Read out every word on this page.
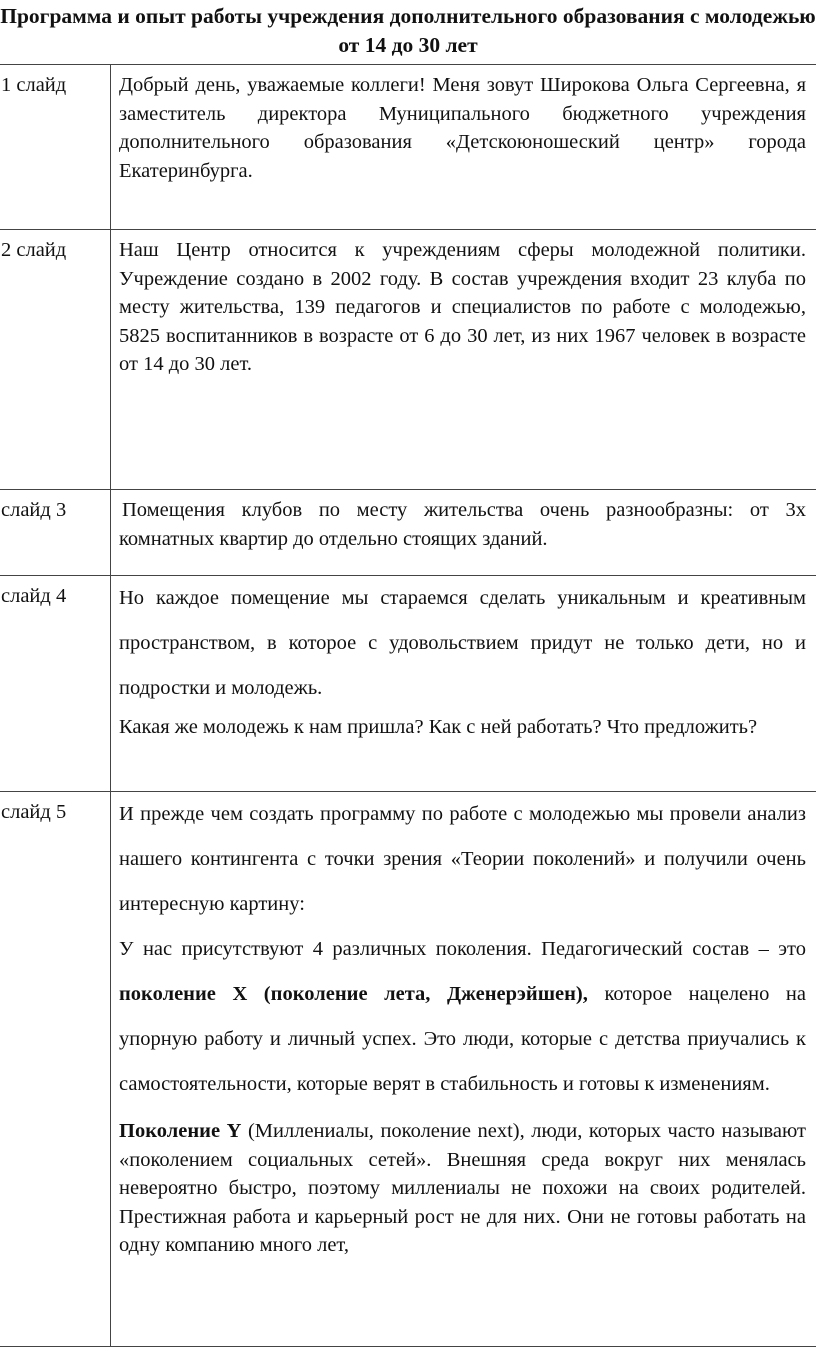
Программа и опыт работы учреждения дополнительного образования с молодежью от 14 до 30 лет
1 слайд	Добрый день, уважаемые коллеги! Меня зовут Широкова Ольга Сергеевна, я заместитель директора Муниципального бюджетного учреждения дополнительного образования «Детскоюношеский центр» города Екатеринбурга.

2 слайд	Наш Центр относится к учреждениям сферы молодежной политики. Учреждение создано в 2002 году. В состав учреждения входит 23 клуба по месту жительства, 139 педагогов и специалистов по работе с молодежью, 5825 воспитанников в возрасте от 6 до 30 лет, из них 1967 человек в возрасте от 14 до 30 лет.

слайд 3	Помещения клубов по месту жительства очень разнообразны: от 3х комнатных квартир до отдельно стоящих зданий.

слайд 4	Но каждое помещение мы стараемся сделать уникальным и креативным пространством, в которое с удовольствием придут не только дети, но и подростки и молодежь.

Какая же молодежь к нам пришла? Как с ней работать? Что предложить?

слайд 5	И прежде чем создать программу по работе с молодежью мы провели анализ нашего контингента с точки зрения «Теории поколений» и получили очень интересную картину:

У нас присутствуют 4 различных поколения. Педагогический состав – это поколение X (поколение лета, Дженерэйшен), которое нацелено на упорную работу и личный успех. Это люди, которые с детства приучались к самостоятельности, которые верят в стабильность и готовы к изменениям.

Поколение Y (Миллениалы, поколение next), люди, которых часто называют «поколением социальных сетей». Внешняя среда вокруг них менялась невероятно быстро, поэтому миллениалы не похожи на своих родителей. Престижная работа и карьерный рост не для них. Они не готовы работать на одну компанию много лет,
